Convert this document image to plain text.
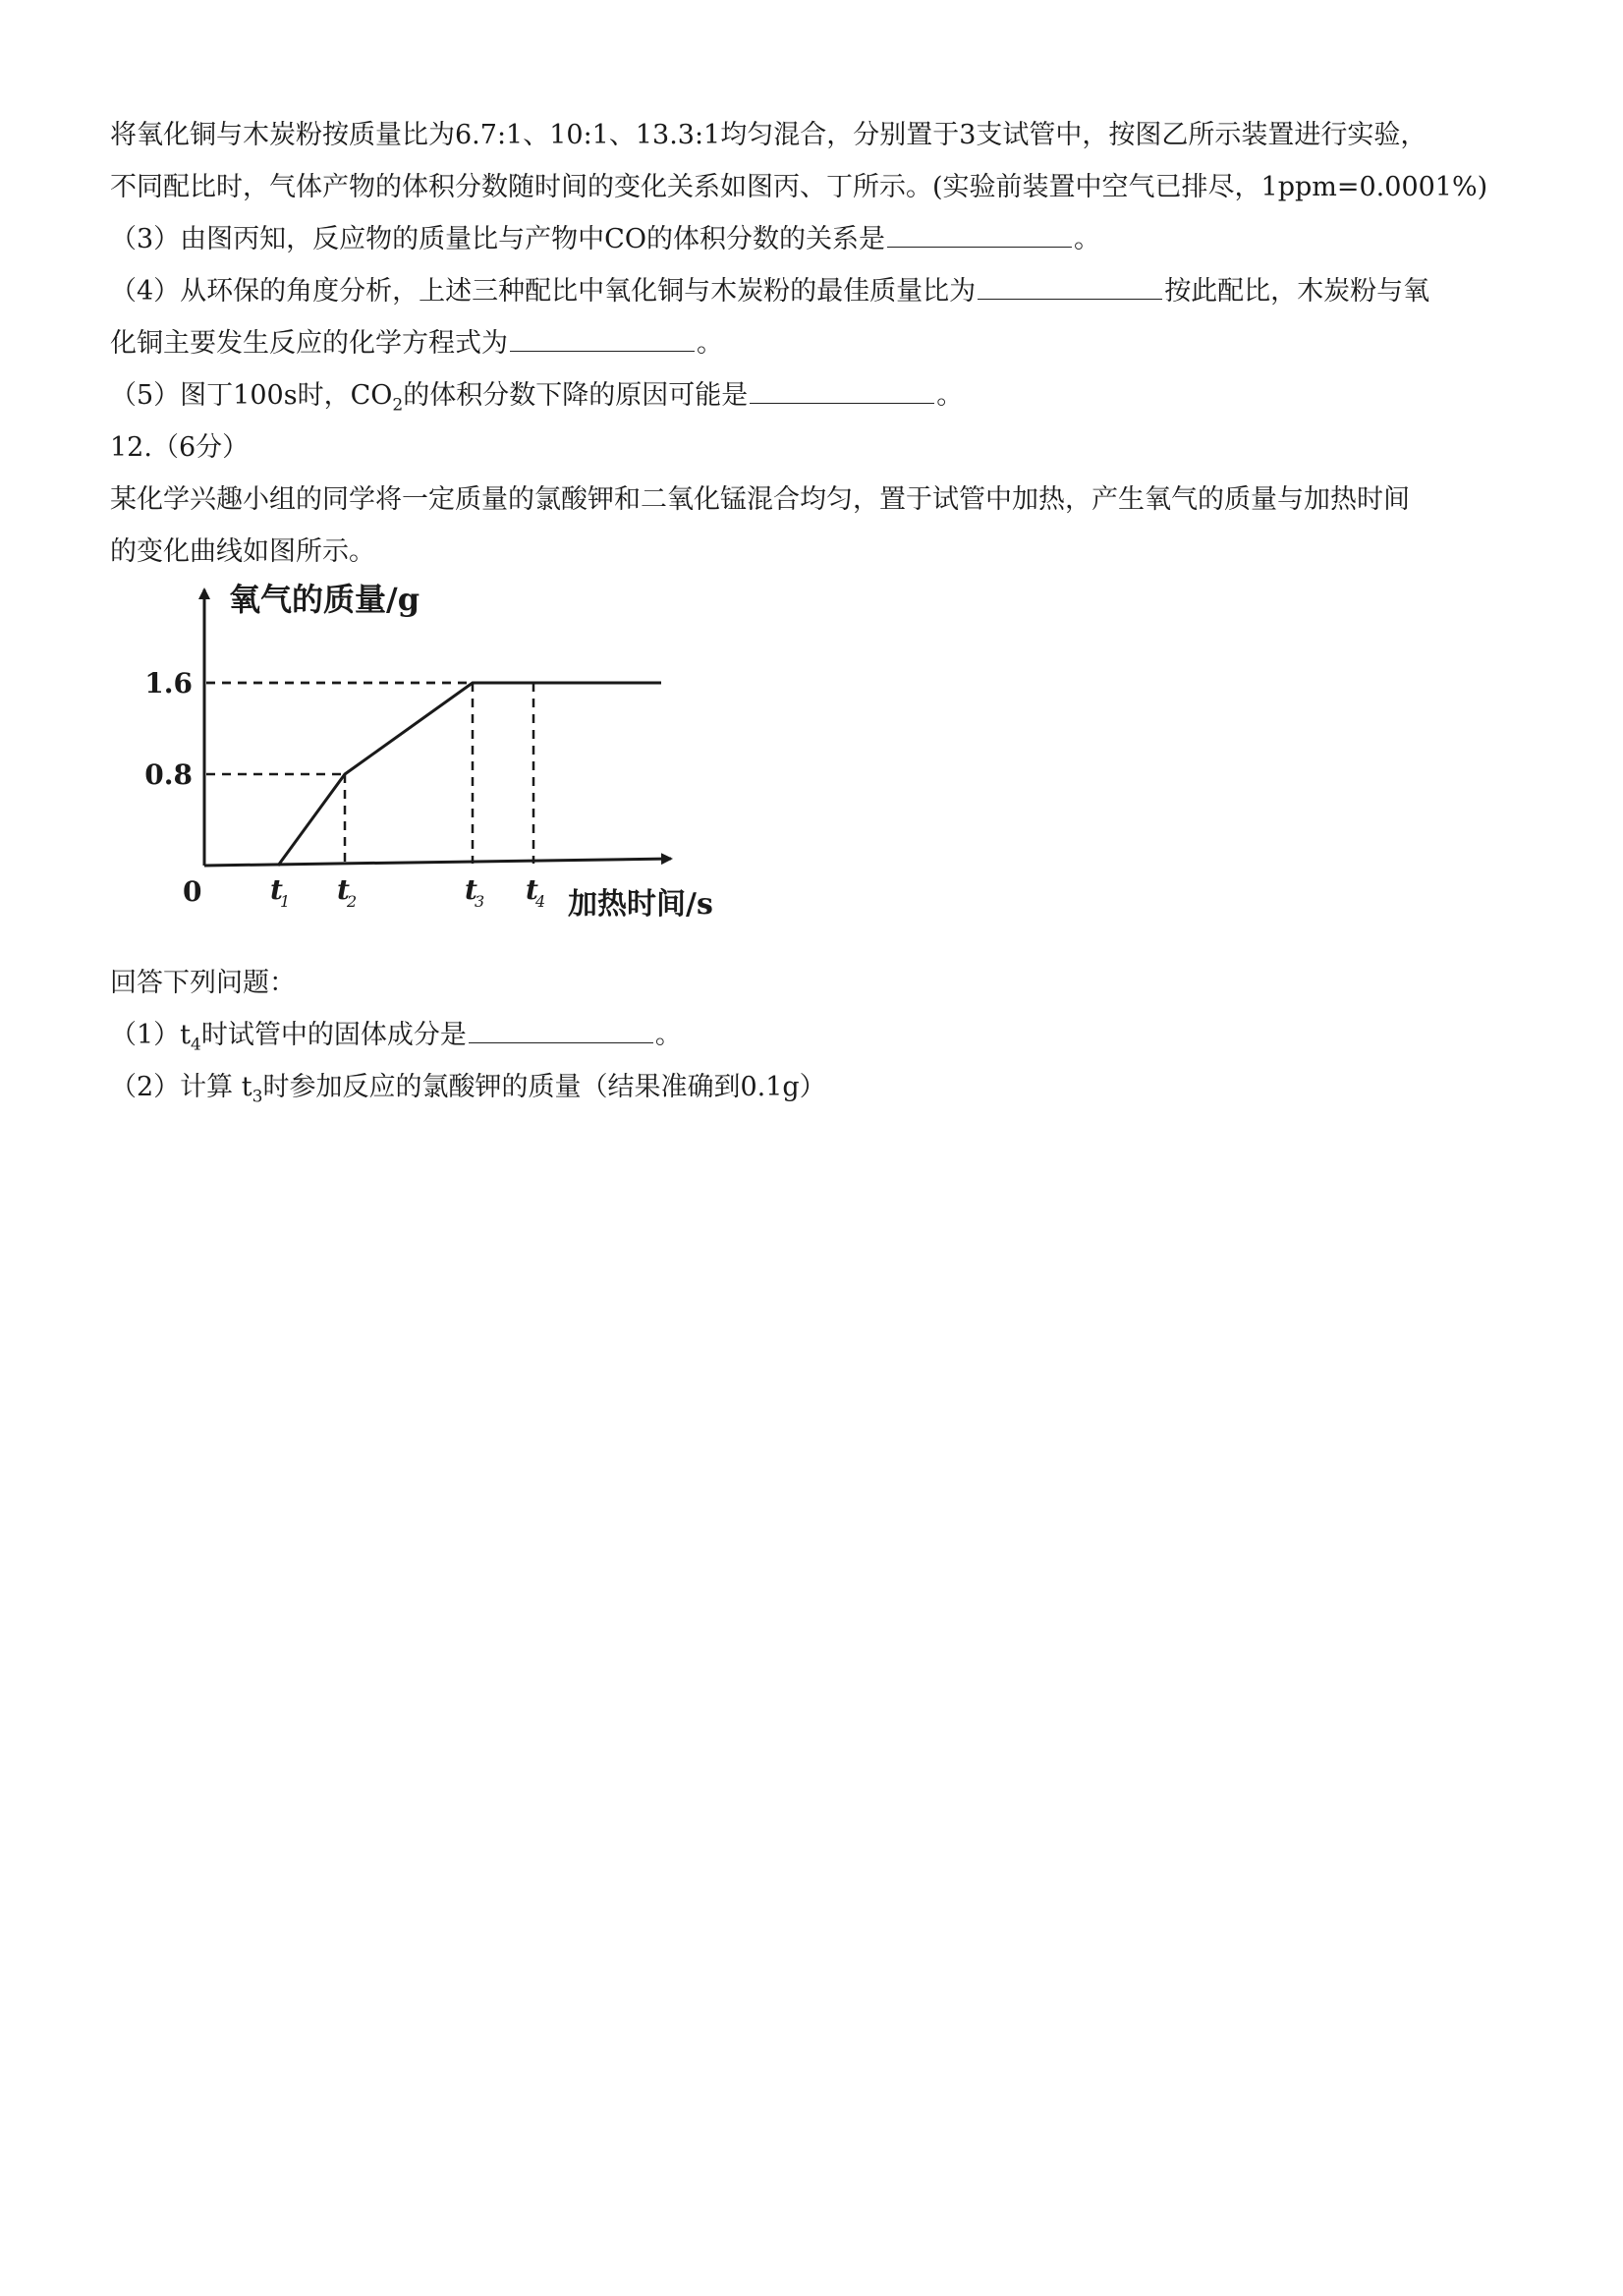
将氧化铜与木炭粉按质量比为6.7:1、10:1、13.3:1均匀混合，分别置于3支试管中，按图乙所示装置进行实验，
不同配比时，气体产物的体积分数随时间的变化关系如图丙、丁所示。(实验前装置中空气已排尽，1ppm=0.0001%)
（3）由图丙知，反应物的质量比与产物中CO的体积分数的关系是	。
（4）从环保的角度分析，上述三种配比中氧化铜与木炭粉的最佳质量比为	按此配比，木炭粉与氧
化铜主要发生反应的化学方程式为	。
（5）图丁100s时，$CO_2$的体积分数下降的原因可能是	。
12.（6分）
某化学兴趣小组的同学将一定质量的氯酸钾和二氧化锰混合均匀，置于试管中加热，产生氧气的质量与加热时间
的变化曲线如图所示。
氧气的质量/g
0	加热时间/s
1.6
0.8
t
1 t
2	t
3 t
4
回答下列问题：
$(1)t_4$时试管中的固体成分是	。
（2）计算 $t_3$时参加反应的氯酸钾的质量（结果准确到0.1g）
